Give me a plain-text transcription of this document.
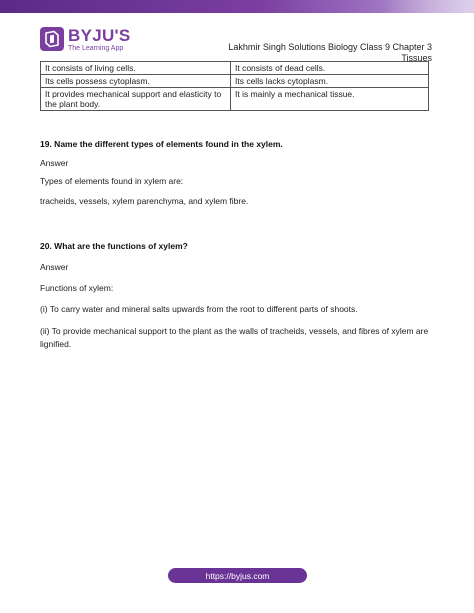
BYJU'S
The Learning App	Lakhmir Singh Solutions Biology Class 9 Chapter 3
Tissues
It consists of living cells.	It consists of dead cells.
Its cells possess cytoplasm.	Its cells lacks cytoplasm.
It provides mechanical support and elasticity to the plant body.	It is mainly a mechanical tissue.
19. Name the different types of elements found in the xylem.
Answer
Types of elements found in xylem are:
tracheids, vessels, xylem parenchyma, and xylem fibre.
20. What are the functions of xylem?
Answer
Functions of xylem:
(i) To carry water and mineral salts upwards from the root to different parts of shoots.
(ii) To provide mechanical support to the plant as the walls of tracheids, vessels, and fibres of xylem are lignified.
https://byjus.com
